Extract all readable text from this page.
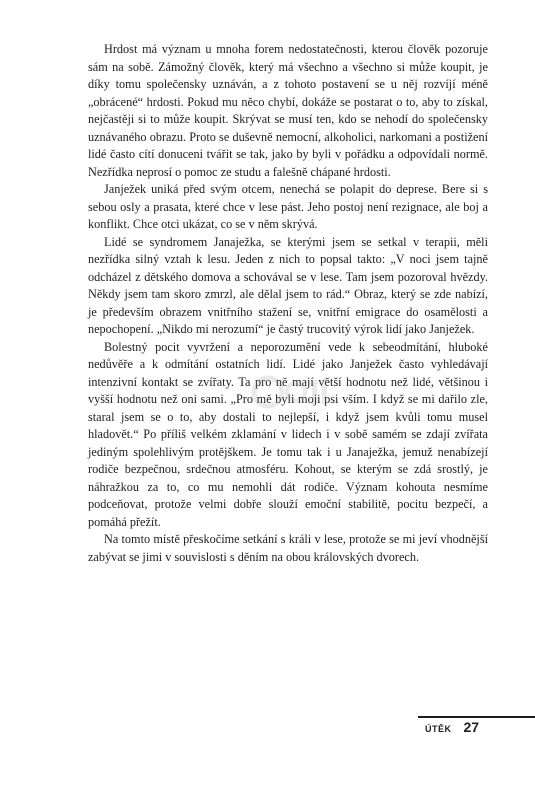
Hrdost má význam u mnoha forem nedostatečnosti, kterou člověk pozoruje sám na sobě. Zámožný člověk, který má všechno a všechno si může koupit, je díky tomu společensky uznáván, a z tohoto postavení se u něj rozvíjí méně „obrácené“ hrdosti. Pokud mu něco chybí, dokáže se postarat o to, aby to získal, nejčastěji si to může koupit. Skrývat se musí ten, kdo se nehodí do společensky uznávaného obrazu. Proto se duševně nemocní, alkoholici, narkomani a postižení lidé často cítí donuceni tvářit se tak, jako by byli v pořádku a odpovídali normě. Nezřídka neprosí o pomoc ze studu a falešně chápané hrdosti.

Janježek uniká před svým otcem, nenechá se polapit do deprese. Bere si s sebou osly a prasata, které chce v lese pást. Jeho postoj není rezignace, ale boj a konflikt. Chce otci ukázat, co se v něm skrývá.

Lidé se syndromem Janaježka, se kterými jsem se setkal v terapii, měli nezřídka silný vztah k lesu. Jeden z nich to popsal takto: „V noci jsem tajně odcházel z dětského domova a schovával se v lese. Tam jsem pozoroval hvězdy. Někdy jsem tam skoro zmrzl, ale dělal jsem to rád.“ Obraz, který se zde nabízí, je především obrazem vnitřního stažení se, vnitřní emigrace do osamělosti a nepochopení. „Nikdo mi nerozumí“ je častý trucovitý výrok lidí jako Janježek.

Bolestný pocit vyvržení a neporozumění vede k sebeodmítání, hluboké nedůvěře a k odmítání ostatních lidí. Lidé jako Janježek často vyhledávají intenzivní kontakt se zvířaty. Ta pro ně mají větší hodnotu než lidé, většinou i vyšší hodnotu než oni sami. „Pro mě byli moji psi vším. I když se mi dařilo zle, staral jsem se o to, aby dostali to nejlepší, i když jsem kvůli tomu musel hladovět.“ Po příliš velkém zklamání v lidech i v sobě samém se zdají zvířata jediným spolehlivým protějškem. Je tomu tak i u Janaježka, jemuž nenabízejí rodiče bezpečnou, srdečnou atmosféru. Kohout, se kterým se zdá srostlý, je náhražkou za to, co mu nemohli dát rodiče. Význam kohouta nesmíme podceňovat, protože velmi dobře slouží emoční stabilitě, pocitu bezpečí, a pomáhá přežít.

Na tomto místě přeskočíme setkání s králi v lese, protože se mi jeví vhodnější zabývat se jimi v souvislosti s děním na obou královských dvorech.

ÚTĚK 27
